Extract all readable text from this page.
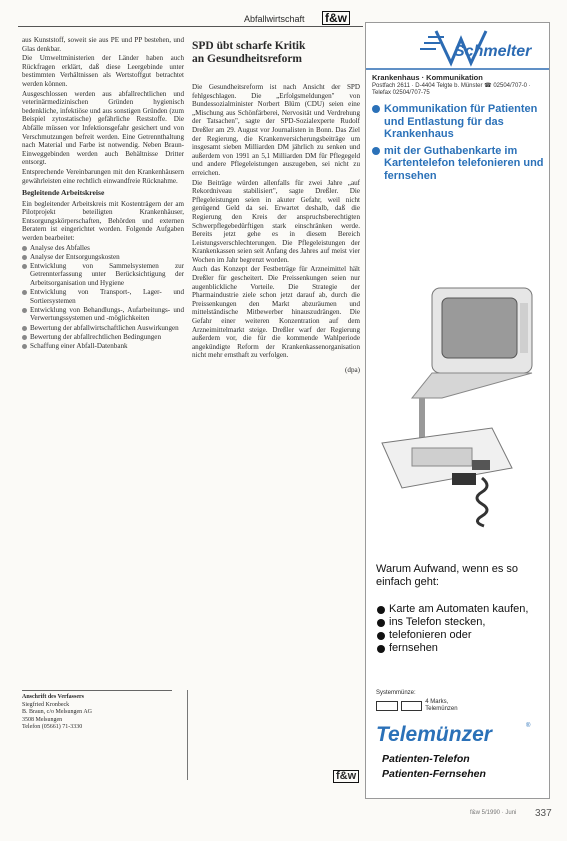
Abfallwirtschaft f&w

aus Kunststoff, soweit sie aus PE und PP bestehen, und Glas denkbar.

Die Umweltministerien der Länder haben auch Rückfragen erklärt, daß diese Leergebinde unter bestimmten Verhältnissen als Wertstoffgut betrachtet werden können.

Ausgeschlossen werden aus abfallrechtlichen und veterinärmedizinischen Gründen hygienisch bedenkliche, infektiöse und aus sonstigen Gründen (zum Beispiel zytostatische) gefährliche Reststoffe. Die Abfälle müssen vor Infektionsgefahr gesichert und von Verschmutzungen befreit werden. Eine Getrennthaltung nach Material und Farbe ist notwendig. Neben Braun-Einweggebinden werden auch Behältnisse Dritter entsorgt.

Entsprechende Vereinbarungen mit den Krankenhäusern gewährleisten eine rechtlich einwandfreie Rücknahme.

Begleitende Arbeitskreise

Ein begleitender Arbeitskreis mit Kostenträgern der am Pilotprojekt beteiligten Krankenhäuser, Entsorgungskörperschaften, Behörden und externen Beratern ist eingerichtet worden. Folgende Aufgaben werden bearbeitet:

Analyse des Abfalles
Analyse der Entsorgungskosten
Entwicklung von Sammelsystemen zur Getrennterfassung unter Berücksichtigung der Arbeitsorganisation und Hygiene
Entwicklung von Transport-, Lager- und Sortiersystemen
Entwicklung von Behandlungs-, Aufarbeitungs- und Verwertungssystemen und -möglichkeiten
Bewertung der abfallwirtschaftlichen Auswirkungen
Bewertung der abfallrechtlichen Bedingungen
Schaffung einer Abfall-Datenbank
SPD übt scharfe Kritik
an Gesundheitsreform

Die Gesundheitsreform ist nach Ansicht der SPD fehlgeschlagen. Die „Erfolgsmeldungen" von Bundessozialminister Norbert Blüm (CDU) seien eine „Mischung aus Schönfärberei, Nervosität und Verdrehung der Tatsachen", sagte der SPD-Sozialexperte Rudolf Dreßler am 29. August vor Journalisten in Bonn. Das Ziel der Regierung, die Krankenversicherungsbeiträge um insgesamt sieben Milliarden DM jährlich zu senken und außerdem von 1991 an 5,1 Milliarden DM für Pflegegeld und andere Pflegeleistungen auszugeben, sei nicht zu erreichen.

Die Beiträge würden allenfalls für zwei Jahre „auf Rekordniveau stabilisiert", sagte Dreßler. Die Pflegeleistungen seien in akuter Gefahr, weil nicht genügend Geld da sei. Erwartet deshalb, daß die Regierung den Kreis der anspruchsberechtigten Schwerpflegebedürftigen stark einschränken werde. Bereits jetzt gehe es in diesem Bereich Leistungsverschlechterungen. Die Pflegeleistungen der Krankenkassen seien seit Anfang des Jahres auf meist vier Wochen im Jahr begrenzt worden.

Auch das Konzept der Festbeträge für Arzneimittel hält Dreßler für gescheitert. Die Preissenkungen seien nur augenblickliche Vorteile. Die Strategie der Pharmaindustrie ziele schon jetzt darauf ab, durch die Preissenkungen den Markt abzuräumen und mittelständische Mitbewerber hinauszudrängen. Die Gefahr einer weiteren Konzentration auf dem Arzneimittelmarkt steige. Dreßler warf der Regierung außerdem vor, die für die kommende Wahlperiode angekündigte Reform der Krankenkassenorganisation nicht mehr ernsthaft zu verfolgen.

(dpa)
Anschrift des Verfassers
Siegfried Kronbeck
B. Braun, c/o Melsungen AG
3508 Melsungen
Telefon (05661) 71-3330
f&w
Schmelter
Krankenhaus · Kommunikation
Postfach 2611 · D-4404 Telgte b. Münster ☎ 02504/707-0 · Telefax 02504/707-75
Kommunikation für Patienten und Entlastung für das Krankenhaus
mit der Guthabenkarte im Kartentelefon telefonieren und fernsehen
Warum Aufwand, wenn es so einfach geht:
Karte am Automaten kaufen,
ins Telefon stecken,
telefonieren oder
fernsehen
Systemmünze:
4 Marks, Telemünzen
Telemünzer	®
Patienten-Telefon
Patienten-Fernsehen
f&w 5/1990 · Juni 337
